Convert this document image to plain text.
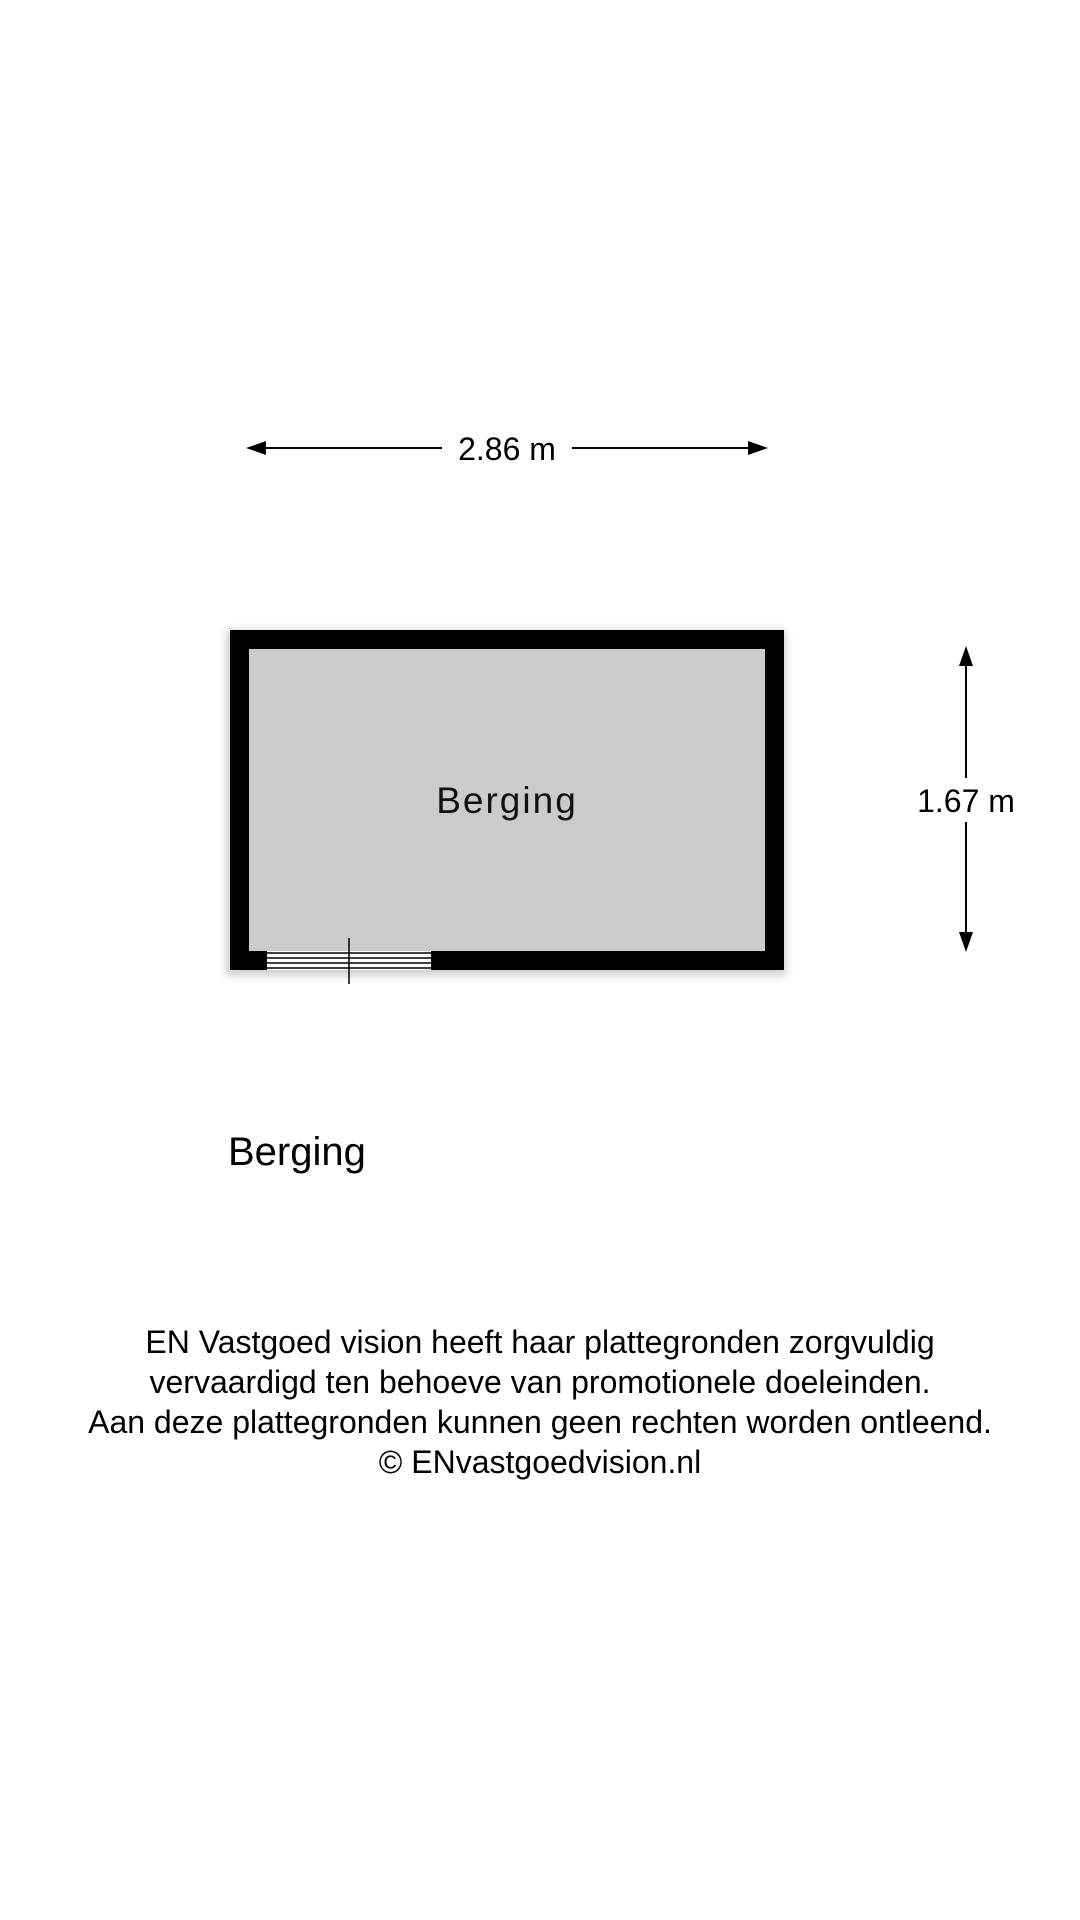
2.86 m
1.67 m
Berging
Berging
EN Vastgoed vision heeft haar plattegronden zorgvuldig
vervaardigd ten behoeve van promotionele doeleinden.
Aan deze plattegronden kunnen geen rechten worden ontleend.
© ENvastgoedvision.nl
